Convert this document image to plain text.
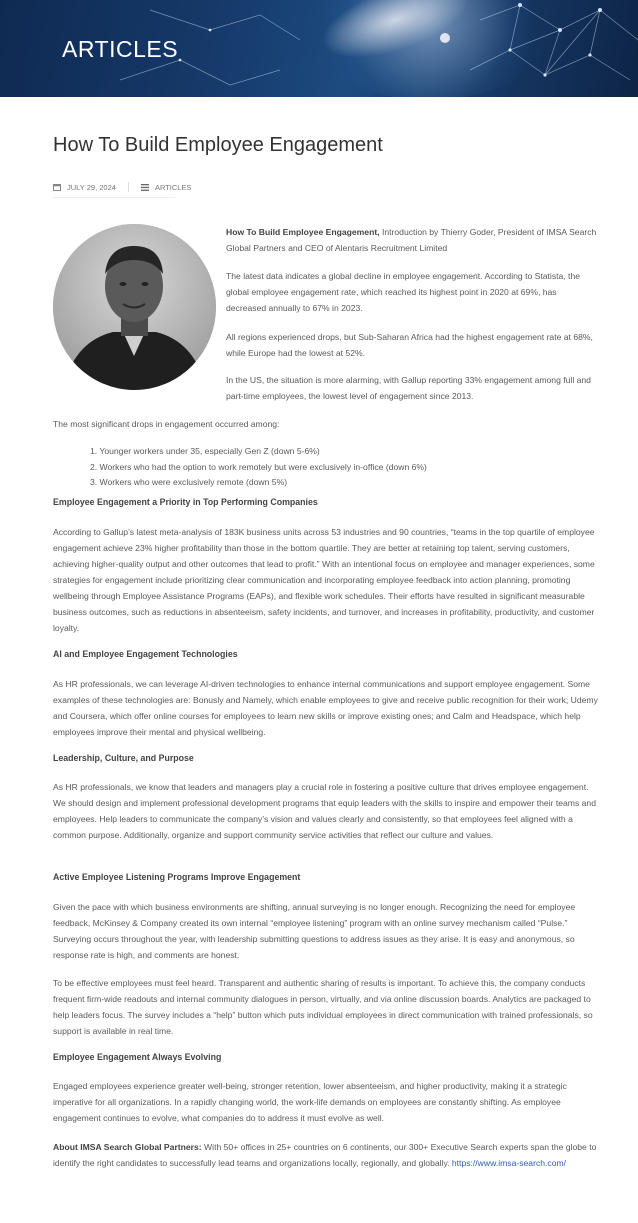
ARTICLES
How To Build Employee Engagement
JULY 29, 2024	ARTICLES

How To Build Employee Engagement, Introduction by Thierry Goder, President of IMSA Search Global Partners and CEO of Alentaris Recruitment Limited

The latest data indicates a global decline in employee engagement. According to Statista, the global employee engagement rate, which reached its highest point in 2020 at 69%, has decreased annually to 67% in 2023.

All regions experienced drops, but Sub-Saharan Africa had the highest engagement rate at 68%, while Europe had the lowest at 52%.

In the US, the situation is more alarming, with Gallup reporting 33% engagement among full and part-time employees, the lowest level of engagement since 2013.

The most significant drops in engagement occurred among:

1. Younger workers under 35, especially Gen Z (down 5-6%)
2. Workers who had the option to work remotely but were exclusively in-office (down 6%)
3. Workers who were exclusively remote (down 5%)
Employee Engagement a Priority in Top Performing Companies

According to Gallup’s latest meta-analysis of 183K business units across 53 industries and 90 countries, “teams in the top quartile of employee engagement achieve 23% higher profitability than those in the bottom quartile. They are better at retaining top talent, serving customers, achieving higher-quality output and other outcomes that lead to profit.” With an intentional focus on employee and manager experiences, some strategies for engagement include prioritizing clear communication and incorporating employee feedback into action planning, promoting wellbeing through Employee Assistance Programs (EAPs), and flexible work schedules. Their efforts have resulted in significant measurable business outcomes, such as reductions in absenteeism, safety incidents, and turnover, and increases in profitability, productivity, and customer loyalty.

AI and Employee Engagement Technologies

As HR professionals, we can leverage AI-driven technologies to enhance internal communications and support employee engagement. Some examples of these technologies are: Bonusly and Namely, which enable employees to give and receive public recognition for their work; Udemy and Coursera, which offer online courses for employees to learn new skills or improve existing ones; and Calm and Headspace, which help employees improve their mental and physical wellbeing.

Leadership, Culture, and Purpose

As HR professionals, we know that leaders and managers play a crucial role in fostering a positive culture that drives employee engagement. We should design and implement professional development programs that equip leaders with the skills to inspire and empower their teams and employees. Help leaders to communicate the company’s vision and values clearly and consistently, so that employees feel aligned with a common purpose. Additionally, organize and support community service activities that reflect our culture and values.

Active Employee Listening Programs Improve Engagement

Given the pace with which business environments are shifting, annual surveying is no longer enough. Recognizing the need for employee feedback, McKinsey & Company created its own internal “employee listening” program with an online survey mechanism called “Pulse.” Surveying occurs throughout the year, with leadership submitting questions to address issues as they arise. It is easy and anonymous, so response rate is high, and comments are honest.

To be effective employees must feel heard. Transparent and authentic sharing of results is important. To achieve this, the company conducts frequent firm-wide readouts and internal community dialogues in person, virtually, and via online discussion boards. Analytics are packaged to help leaders focus. The survey includes a “help” button which puts individual employees in direct communication with trained professionals, so support is available in real time.

Employee Engagement Always Evolving

Engaged employees experience greater well-being, stronger retention, lower absenteeism, and higher productivity, making it a strategic imperative for all organizations. In a rapidly changing world, the work-life demands on employees are constantly shifting. As employee engagement continues to evolve, what companies do to address it must evolve as well.

About IMSA Search Global Partners: With 50+ offices in 25+ countries on 6 continents, our 300+ Executive Search experts span the globe to identify the right candidates to successfully lead teams and organizations locally, regionally, and globally. https://www.imsa-search.com/
